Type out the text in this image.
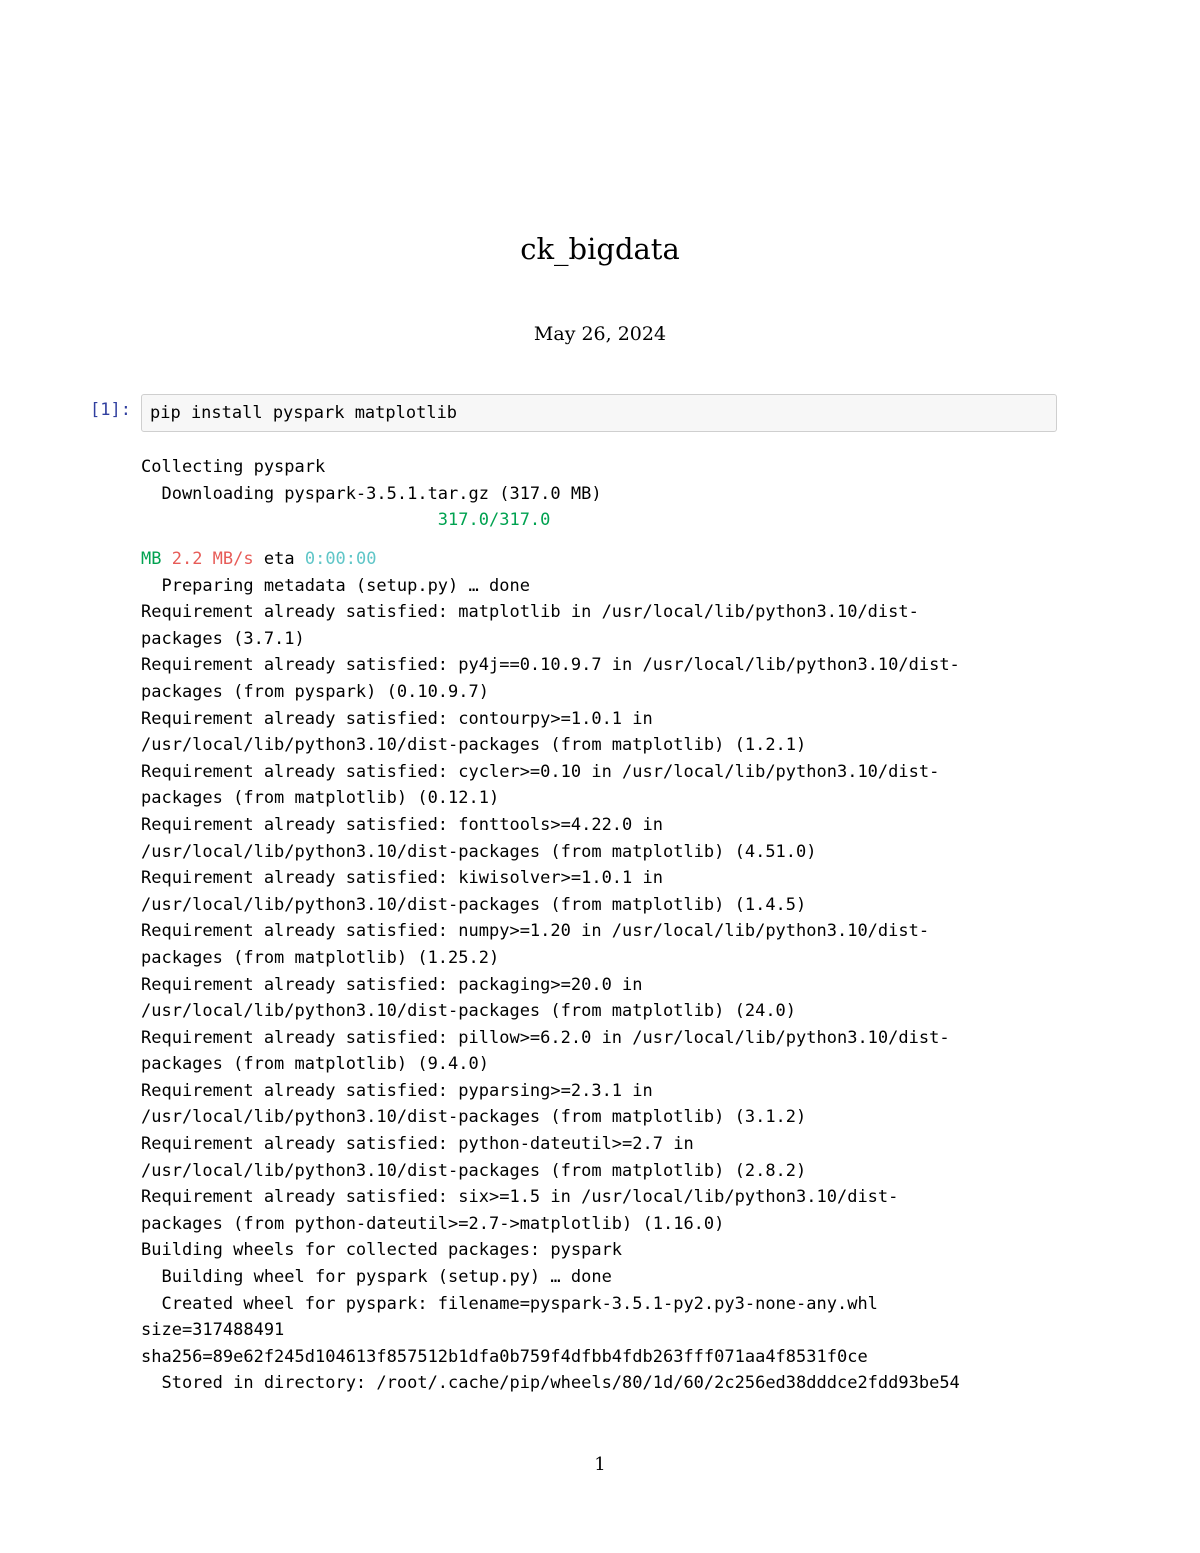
ck_bigdata
May 26, 2024
[1]:	pip install pyspark matplotlib
Collecting pyspark
Downloading pyspark-3.5.1.tar.gz (317.0 MB)
317.0/317.0
MB 2.2 MB/s eta 0:00:00
Preparing metadata (setup.py) … done
Requirement already satisfied: matplotlib in /usr/local/lib/python3.10/dist-
packages (3.7.1)
Requirement already satisfied: py4j==0.10.9.7 in /usr/local/lib/python3.10/dist-
packages (from pyspark) (0.10.9.7)
Requirement already satisfied: contourpy>=1.0.1 in
/usr/local/lib/python3.10/dist-packages (from matplotlib) (1.2.1)
Requirement already satisfied: cycler>=0.10 in /usr/local/lib/python3.10/dist-
packages (from matplotlib) (0.12.1)
Requirement already satisfied: fonttools>=4.22.0 in
/usr/local/lib/python3.10/dist-packages (from matplotlib) (4.51.0)
Requirement already satisfied: kiwisolver>=1.0.1 in
/usr/local/lib/python3.10/dist-packages (from matplotlib) (1.4.5)
Requirement already satisfied: numpy>=1.20 in /usr/local/lib/python3.10/dist-
packages (from matplotlib) (1.25.2)
Requirement already satisfied: packaging>=20.0 in
/usr/local/lib/python3.10/dist-packages (from matplotlib) (24.0)
Requirement already satisfied: pillow>=6.2.0 in /usr/local/lib/python3.10/dist-
packages (from matplotlib) (9.4.0)
Requirement already satisfied: pyparsing>=2.3.1 in
/usr/local/lib/python3.10/dist-packages (from matplotlib) (3.1.2)
Requirement already satisfied: python-dateutil>=2.7 in
/usr/local/lib/python3.10/dist-packages (from matplotlib) (2.8.2)
Requirement already satisfied: six>=1.5 in /usr/local/lib/python3.10/dist-
packages (from python-dateutil>=2.7->matplotlib) (1.16.0)
Building wheels for collected packages: pyspark
Building wheel for pyspark (setup.py) … done
Created wheel for pyspark: filename=pyspark-3.5.1-py2.py3-none-any.whl
size=317488491
sha256=89e62f245d104613f857512b1dfa0b759f4dfbb4fdb263fff071aa4f8531f0ce
Stored in directory: /root/.cache/pip/wheels/80/1d/60/2c256ed38dddce2fdd93be54
1
